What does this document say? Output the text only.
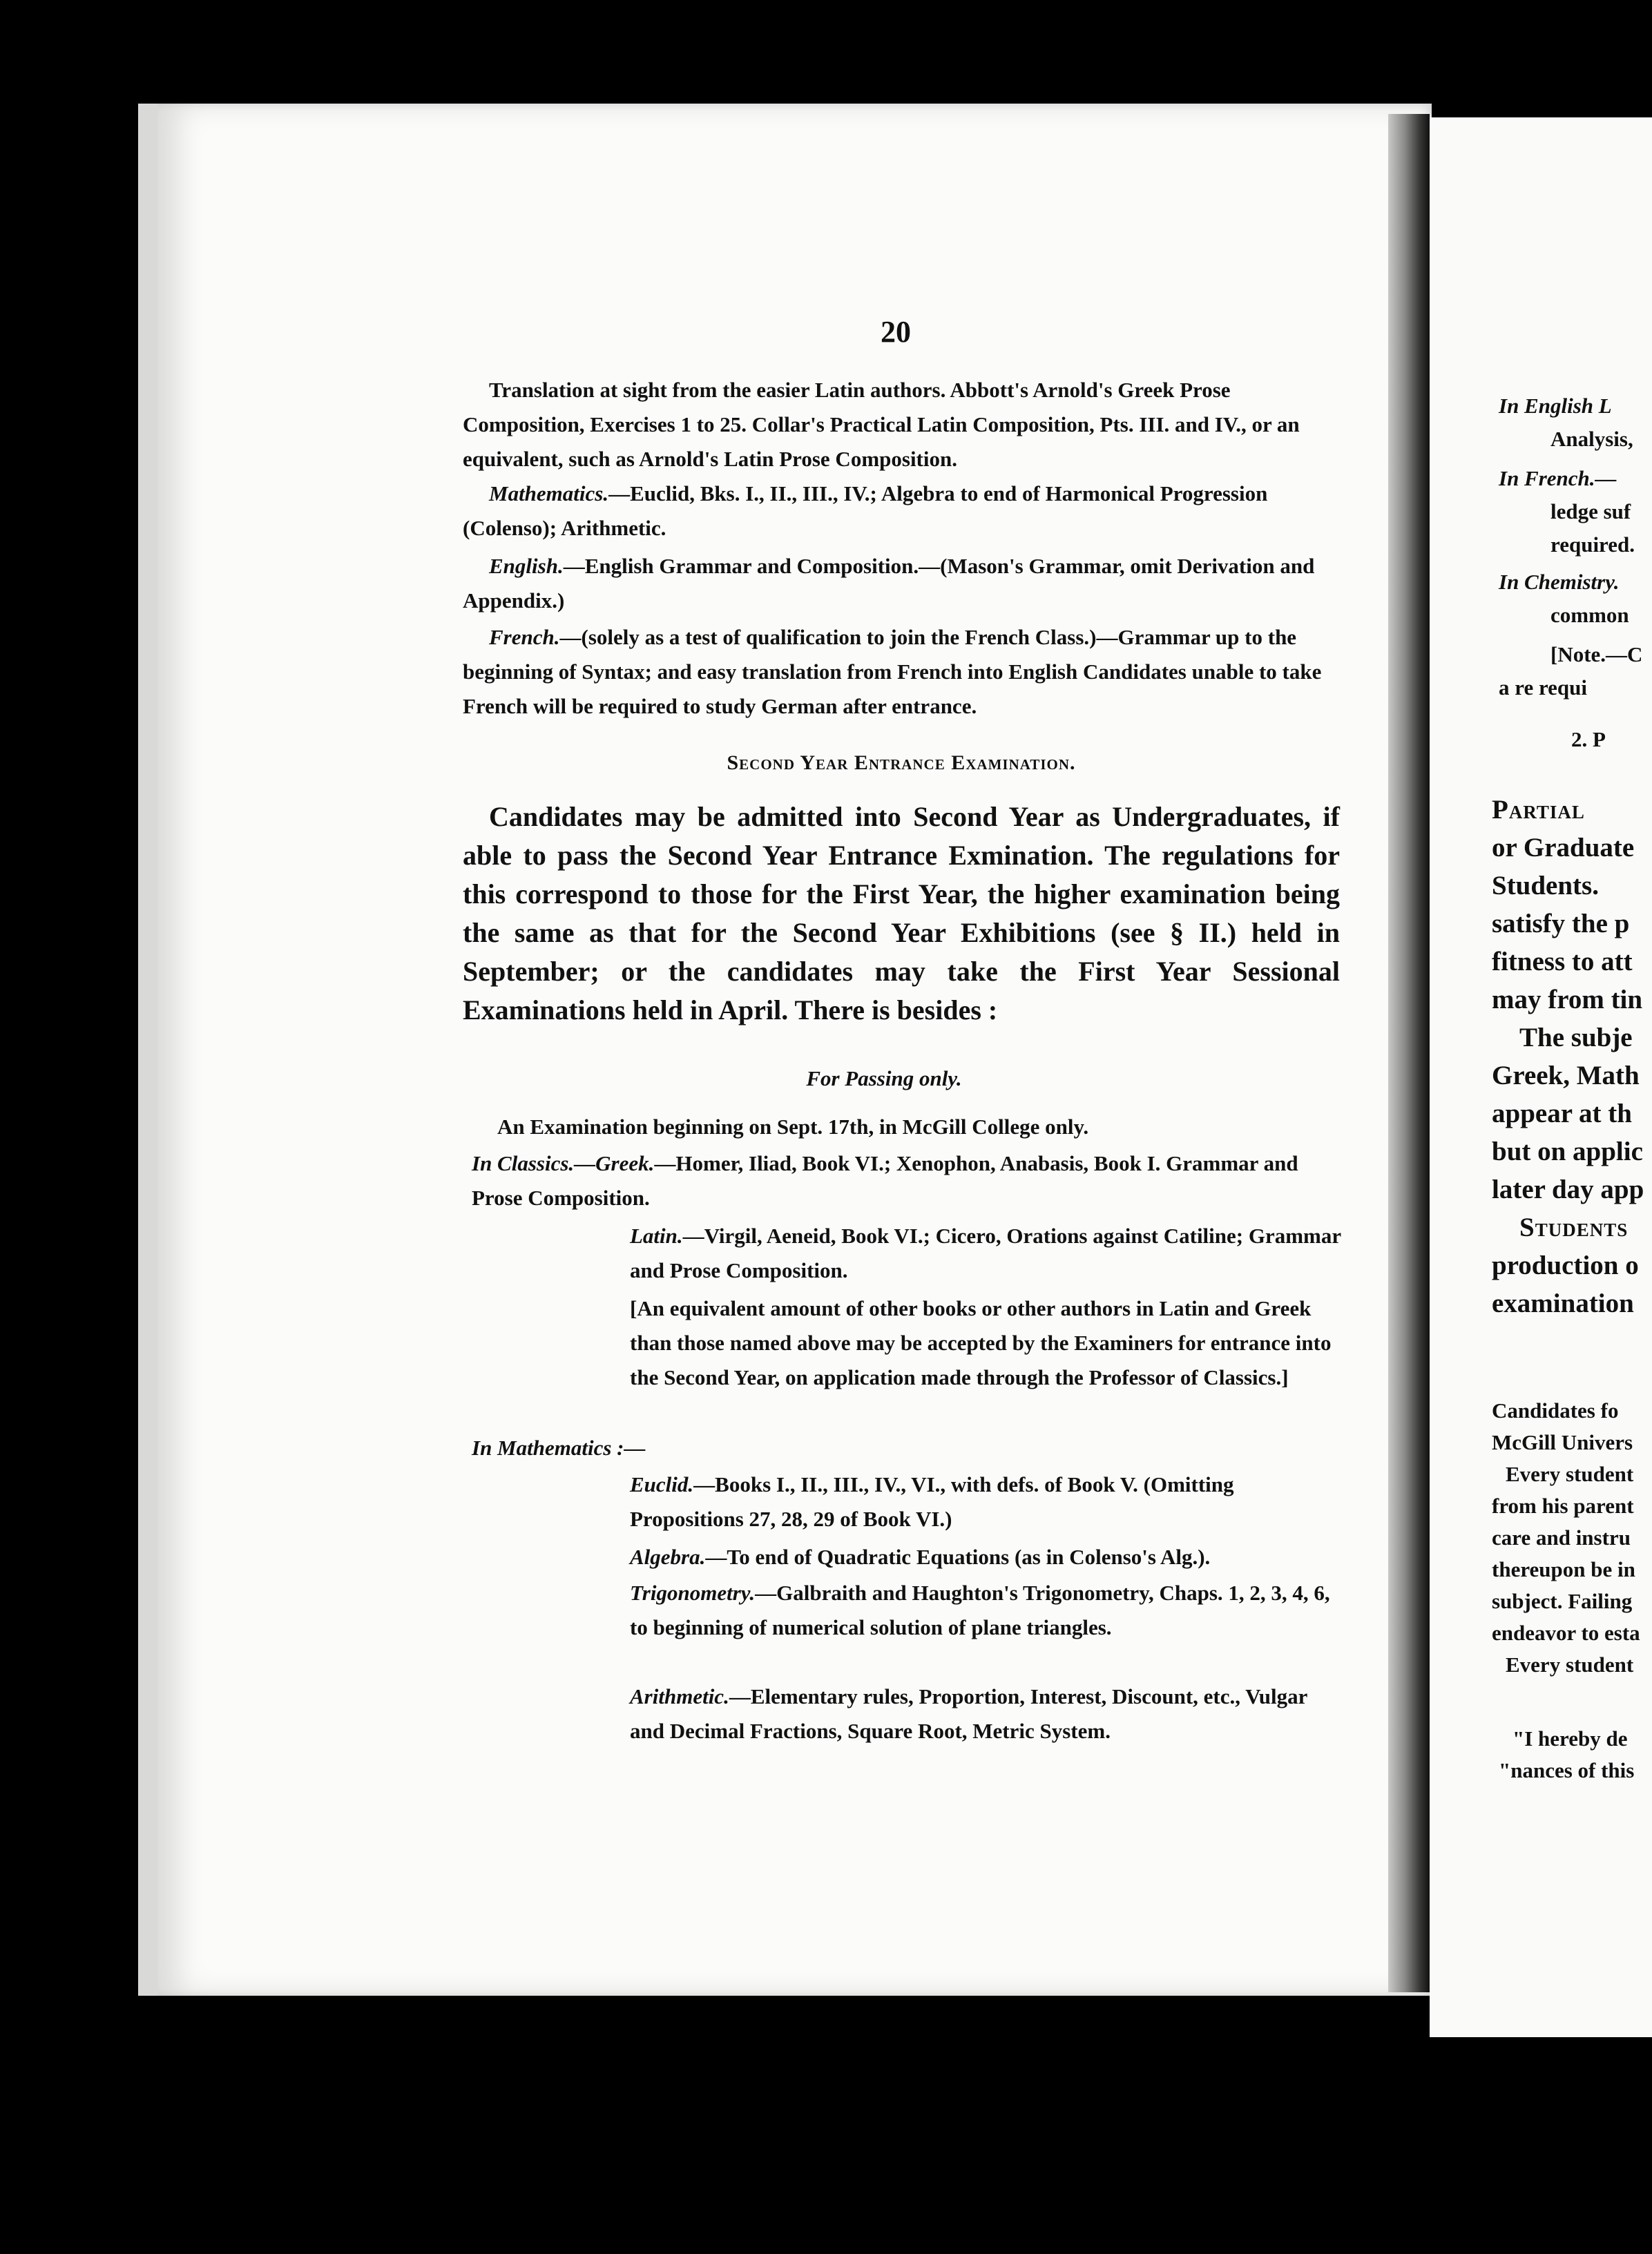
20
Translation at sight from the easier Latin authors. Abbott's Arnold's Greek Prose Composition, Exercises 1 to 25. Collar's Practical Latin Composition, Pts. III. and IV., or an equivalent, such as Arnold's Latin Prose Composition.
Mathematics.—Euclid, Bks. I., II., III., IV.; Algebra to end of Harmonical Progression (Colenso); Arithmetic.
English.—English Grammar and Composition.—(Mason's Grammar, omit Derivation and Appendix.)
French.—(solely as a test of qualification to join the French Class.)—Grammar up to the beginning of Syntax; and easy translation from French into English Candidates unable to take French will be required to study German after entrance.
Second Year Entrance Examination.
Candidates may be admitted into Second Year as Undergraduates, if able to pass the Second Year Entrance Exmination. The regulations for this correspond to those for the First Year, the higher examination being the same as that for the Second Year Exhibitions (see § II.) held in September; or the candidates may take the First Year Sessional Examinations held in April. There is besides :
For Passing only.
An Examination beginning on Sept. 17th, in McGill College only.
In Classics.—Greek.—Homer, Iliad, Book VI.; Xenophon, Anabasis, Book I. Grammar and Prose Composition.
Latin.—Virgil, Aeneid, Book VI.; Cicero, Orations against Catiline; Grammar and Prose Composition.
[An equivalent amount of other books or other authors in Latin and Greek than those named above may be accepted by the Examiners for entrance into the Second Year, on application made through the Professor of Classics.]
In Mathematics :—
Euclid.—Books I., II., III., IV., VI., with defs. of Book V. (Omitting Propositions 27, 28, 29 of Book VI.)
Algebra.—To end of Quadratic Equations (as in Colenso's Alg.).
Trigonometry.—Galbraith and Haughton's Trigonometry, Chaps. 1, 2, 3, 4, 6, to beginning of numerical solution of plane triangles.
Arithmetic.—Elementary rules, Proportion, Interest, Discount, etc., Vulgar and Decimal Fractions, Square Root, Metric System.
In English L
Analysis,
In French.—
ledge suf
required.
In Chemistry.
common
[Note.—C
a re requi
2. P
Partial
or Graduate
Students.
satisfy the p
fitness to att
may from tin
The subje
Greek, Math
appear at th
but on applic
later day app
Students
production o
examination
Candidates fo
McGill Univers
Every student
from his parent
care and instru
thereupon be in
subject. Failing
endeavor to esta
Every student
"I hereby de
"nances of this
